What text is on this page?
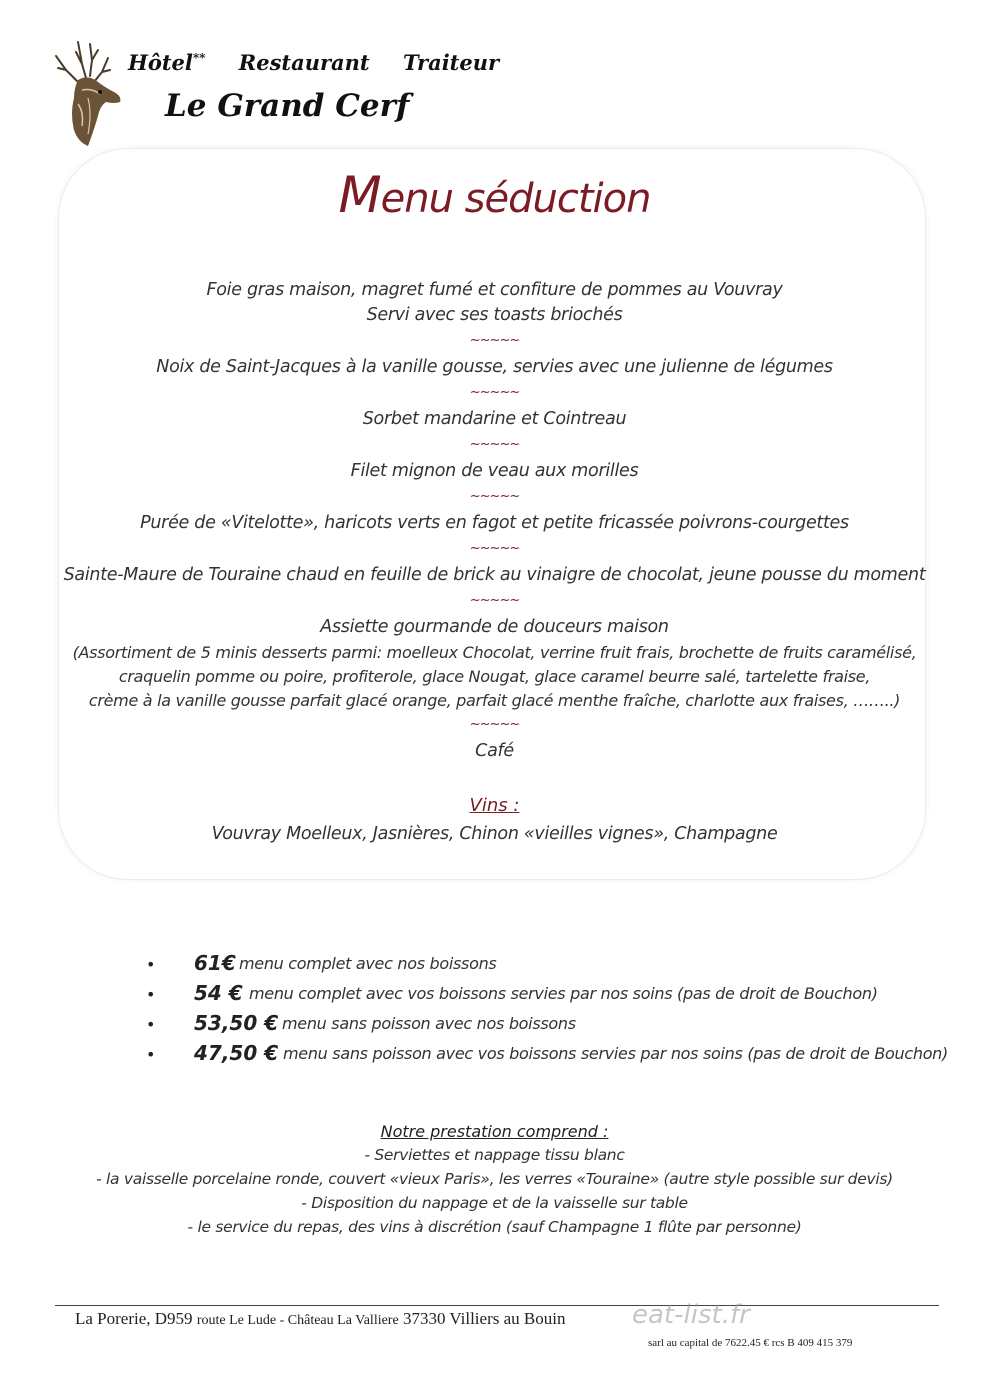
Hôtel** Restaurant Traiteur
Le Grand Cerf
Menu séduction
Foie gras maison, magret fumé et confiture de pommes au Vouvray
Servi avec ses toasts briochés
~~~~~
Noix de Saint-Jacques à la vanille gousse, servies avec une julienne de légumes
~~~~~
Sorbet mandarine et Cointreau
~~~~~
Filet mignon de veau aux morilles
~~~~~
Purée de «Vitelotte», haricots verts en fagot et petite fricassée poivrons-courgettes
~~~~~
Sainte-Maure de Touraine chaud en feuille de brick au vinaigre de chocolat, jeune pousse du moment
~~~~~
Assiette gourmande de douceurs maison
(Assortiment de 5 minis desserts parmi: moelleux Chocolat, verrine fruit frais, brochette de fruits caramélisé,
craquelin pomme ou poire, profiterole, glace Nougat, glace caramel beurre salé, tartelette fraise,
crème à la vanille gousse parfait glacé orange, parfait glacé menthe fraîche, charlotte aux fraises, ……..)
~~~~~
Café
Vins :
Vouvray Moelleux, Jasnières, Chinon «vieilles vignes», Champagne
• 61€ menu complet avec nos boissons
• 54 € menu complet avec vos boissons servies par nos soins (pas de droit de Bouchon)
• 53,50 € menu sans poisson avec nos boissons
• 47,50 € menu sans poisson avec vos boissons servies par nos soins (pas de droit de Bouchon)
Notre prestation comprend :
- Serviettes et nappage tissu blanc
- la vaisselle porcelaine ronde, couvert «vieux Paris», les verres «Touraine» (autre style possible sur devis)
- Disposition du nappage et de la vaisselle sur table
- le service du repas, des vins à discrétion (sauf Champagne 1 flûte par personne)
La Porerie, D959 route Le Lude - Château La Valliere 37330 Villiers au Bouin	eat-list.fr
sarl au capital de 7622.45 € rcs B 409 415 379
